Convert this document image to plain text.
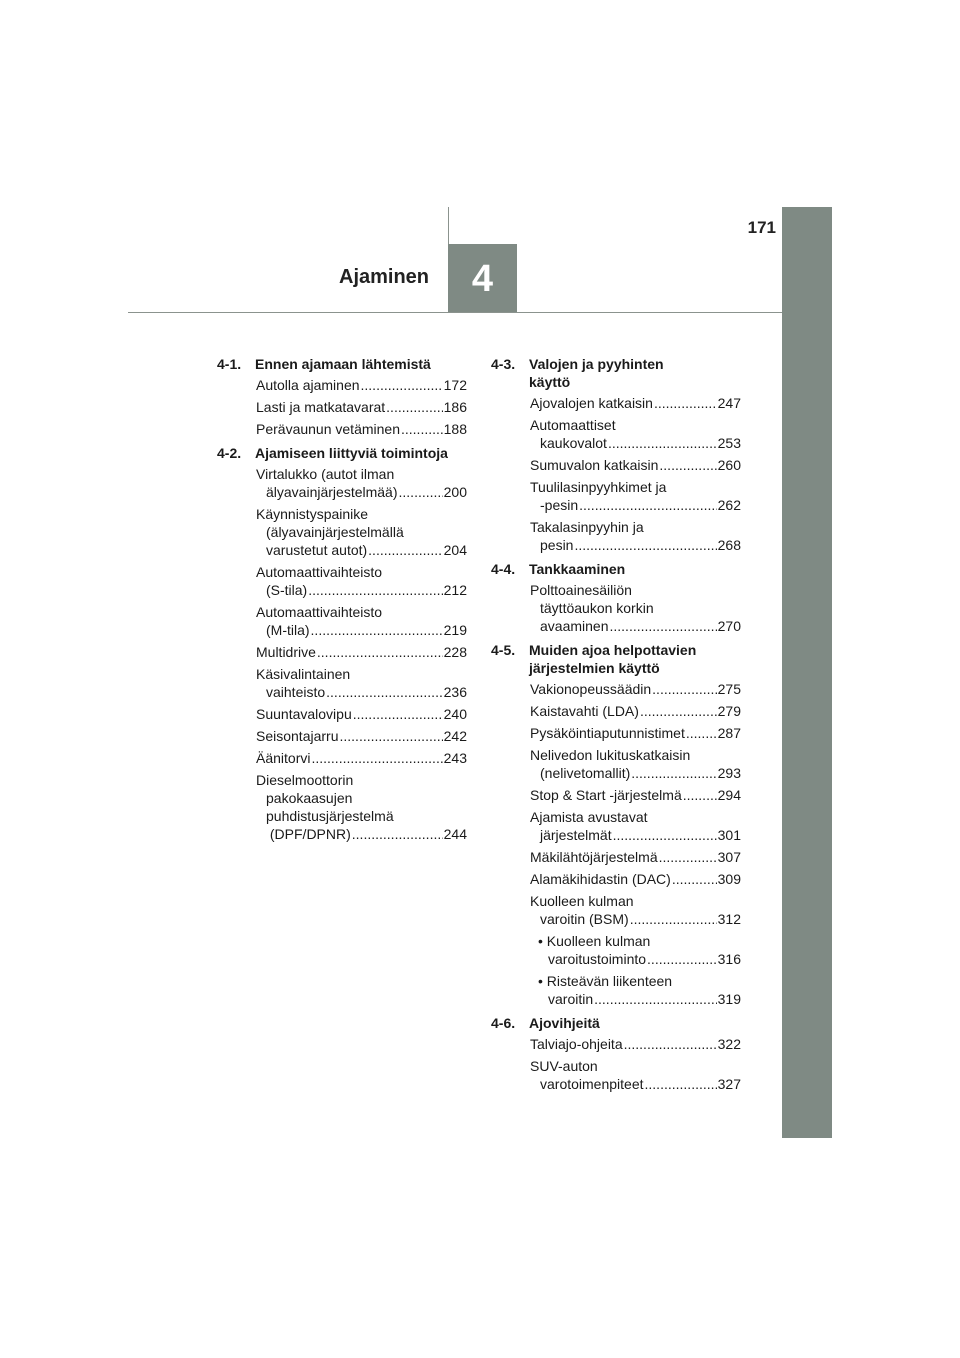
171
Ajaminen	4
4-1. Ennen ajamaan lähtemistä
Autolla ajaminen .....	172
Lasti ja matkatavarat .....	186
Perävaunun vetäminen .....	188
4-2. Ajamiseen liittyviä toimintoja
Virtalukko (autot ilman
älyavainjärjestelmää) .....	200
Käynnistyspainike
(älyavainjärjestelmällä
varustetut autot) .....	204
Automaattivaihteisto
(S-tila) .....	212
Automaattivaihteisto
(M-tila) .....	219
Multidrive .....	228
Käsivalintainen
vaihteisto .....	236
Suuntavalovipu .....	240
Seisontajarru .....	242
Äänitorvi .....	243
Dieselmoottorin
pakokaasujen
puhdistusjärjestelmä
(DPF/DPNR) .....	244
4-3. Valojen ja pyyhinten
käyttö
Ajovalojen katkaisin .....	247
Automaattiset
kaukovalot .....	253
Sumuvalon katkaisin .....	260
Tuulilasinpyyhkimet ja
-pesin .....	262
Takalasinpyyhin ja
pesin .....	268
4-4. Tankkaaminen
Polttoainesäiliön
täyttöaukon korkin
avaaminen .....	270
4-5. Muiden ajoa helpottavien
järjestelmien käyttö
Vakionopeussäädin .....	275
Kaistavahti (LDA) .....	279
Pysäköintiaputunnistimet ..... 287
Nelivedon lukituskatkaisin
(nelivetomallit) .....	293
Stop & Start -järjestelmä .....	294
Ajamista avustavat
järjestelmät .....	301
Mäkilähtöjärjestelmä .....	307
Alamäkihidastin (DAC) .....	309
Kuolleen kulman
varoitin (BSM) .....	312
• Kuolleen kulman
varoitustoiminto .....	316
• Risteävän liikenteen
varoitin .....	319
4-6. Ajovihjeitä
Talviajo-ohjeita .....	322
SUV-auton
varotoimenpiteet .....	327
